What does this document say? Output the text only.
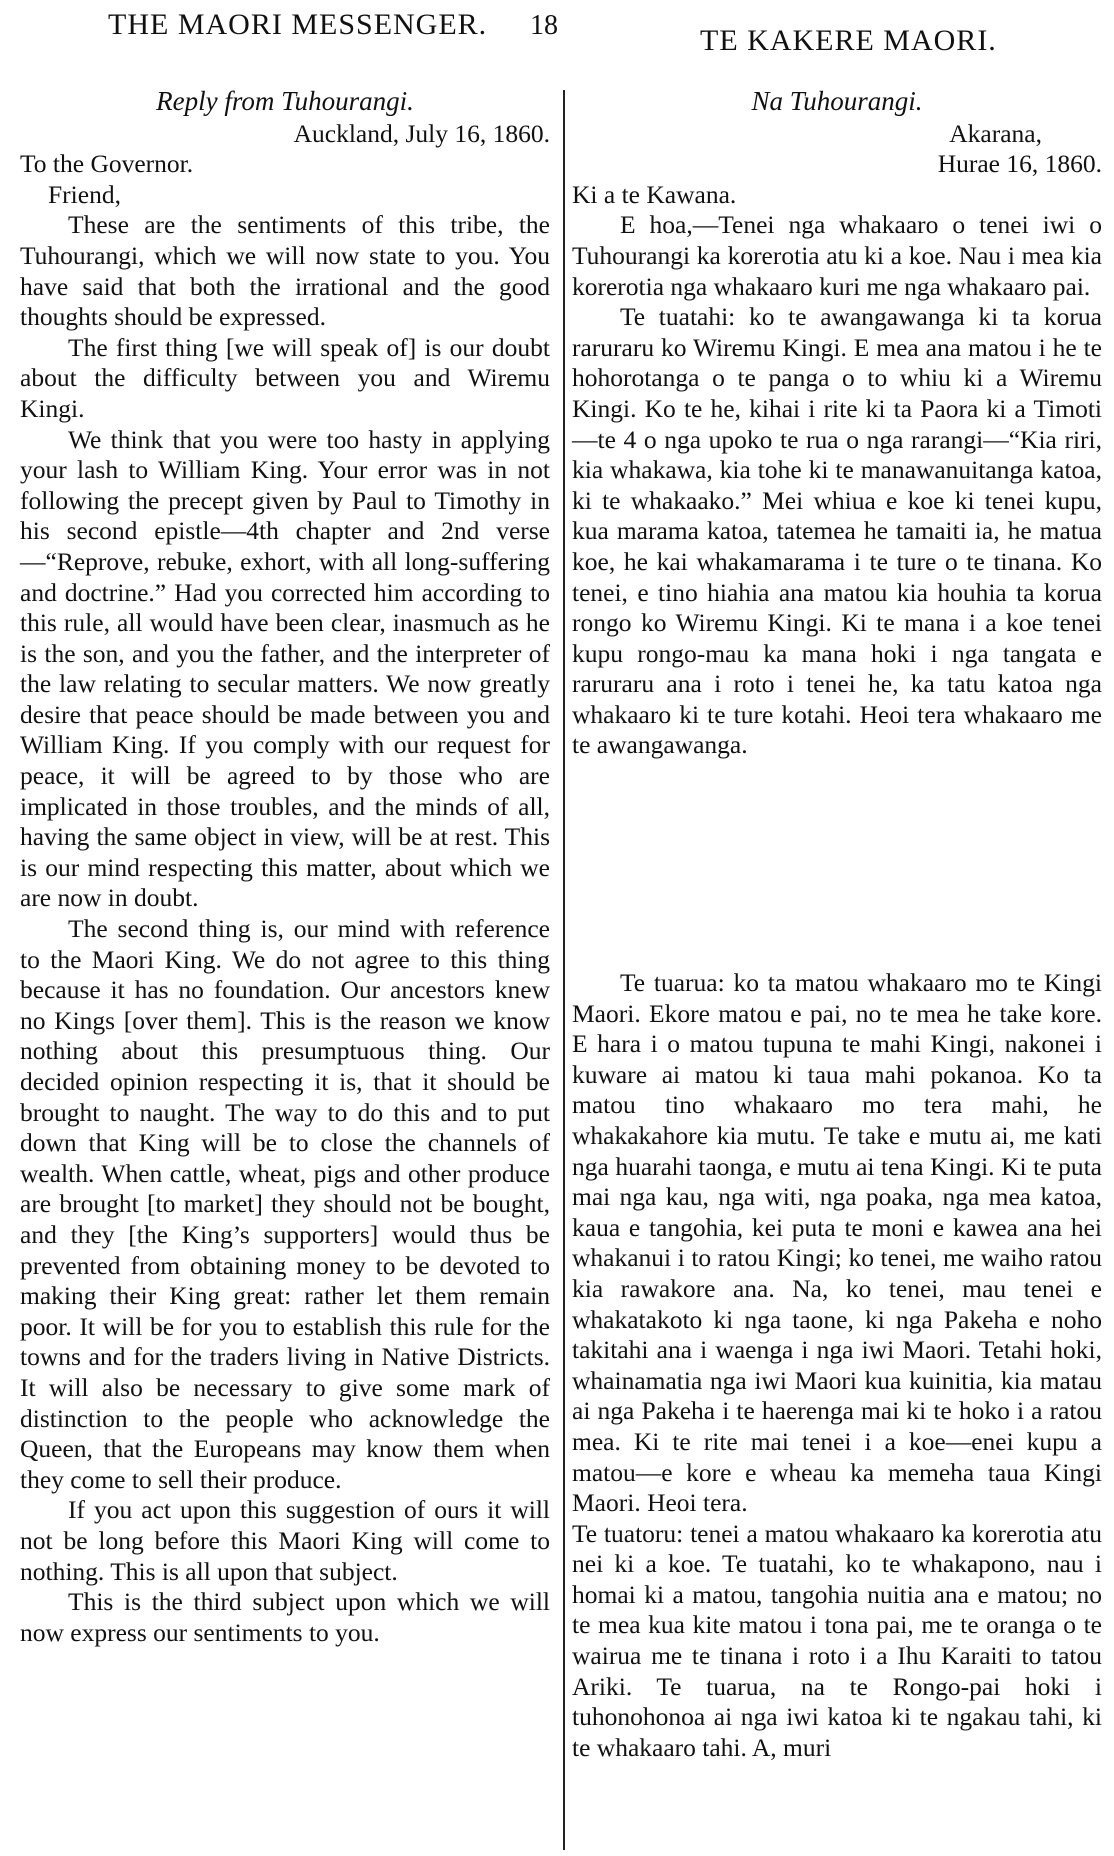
THE MAORI MESSENGER. 18	TE KAKERE MAORI.

Reply from Tuhourangi.

Auckland, July 16, 1860.

To the Governor.

Friend,

These are the sentiments of this tribe, the Tuhourangi, which we will now state to you. You have said that both the irrational and the good thoughts should be expressed.

The first thing [we will speak of] is our doubt about the difficulty between you and Wiremu Kingi.

We think that you were too hasty in applying your lash to William King. Your error was in not following the precept given by Paul to Timothy in his second epistle—4th chapter and 2nd verse—“Reprove, rebuke, exhort, with all long-suffering and doctrine.” Had you corrected him according to this rule, all would have been clear, inasmuch as he is the son, and you the father, and the interpreter of the law relating to secular matters. We now greatly desire that peace should be made between you and William King. If you comply with our request for peace, it will be agreed to by those who are implicated in those troubles, and the minds of all, having the same object in view, will be at rest. This is our mind respecting this matter, about which we are now in doubt.

The second thing is, our mind with reference to the Maori King. We do not agree to this thing because it has no foundation. Our ancestors knew no Kings [over them]. This is the reason we know nothing about this presumptuous thing. Our decided opinion respecting it is, that it should be brought to naught. The way to do this and to put down that King will be to close the channels of wealth. When cattle, wheat, pigs and other produce are brought [to market] they should not be bought, and they [the King’s supporters] would thus be prevented from obtaining money to be devoted to making their King great: rather let them remain poor. It will be for you to establish this rule for the towns and for the traders living in Native Districts. It will also be necessary to give some mark of distinction to the people who acknowledge the Queen, that the Europeans may know them when they come to sell their produce.

If you act upon this suggestion of ours it will not be long before this Maori King will come to nothing. This is all upon that subject.

This is the third subject upon which we will now express our sentiments to you.

Na Tuhourangi.

Akarana,

Hurae 16, 1860.

Ki a te Kawana.

E hoa,—Tenei nga whakaaro o tenei iwi o Tuhourangi ka korerotia atu ki a koe. Nau i mea kia korerotia nga whakaaro kuri me nga whakaaro pai.

Te tuatahi: ko te awangawanga ki ta korua raruraru ko Wiremu Kingi. E mea ana matou i he te hohorotanga o te panga o to whiu ki a Wiremu Kingi. Ko te he, kihai i rite ki ta Paora ki a Timoti—te 4 o nga upoko te rua o nga rarangi—“Kia riri, kia whakawa, kia tohe ki te manawanuitanga katoa, ki te whakaako.” Mei whiua e koe ki tenei kupu, kua marama katoa, tatemea he tamaiti ia, he matua koe, he kai whakamarama i te ture o te tinana. Ko tenei, e tino hiahia ana matou kia houhia ta korua rongo ko Wiremu Kingi. Ki te mana i a koe tenei kupu rongo-mau ka mana hoki i nga tangata e raruraru ana i roto i tenei he, ka tatu katoa nga whakaaro ki te ture kotahi. Heoi tera whakaaro me te awangawanga.

Te tuarua: ko ta matou whakaaro mo te Kingi Maori. Ekore matou e pai, no te mea he take kore. E hara i o matou tupuna te mahi Kingi, nakonei i kuware ai matou ki taua mahi pokanoa. Ko ta matou tino whakaaro mo tera mahi, he whakakahore kia mutu. Te take e mutu ai, me kati nga huarahi taonga, e mutu ai tena Kingi. Ki te puta mai nga kau, nga witi, nga poaka, nga mea katoa, kaua e tangohia, kei puta te moni e kawea ana hei whakanui i to ratou Kingi; ko tenei, me waiho ratou kia rawakore ana. Na, ko tenei, mau tenei e whakatakoto ki nga taone, ki nga Pakeha e noho takitahi ana i waenga i nga iwi Maori. Tetahi hoki, whainamatia nga iwi Maori kua kuinitia, kia matau ai nga Pakeha i te haerenga mai ki te hoko i a ratou mea. Ki te rite mai tenei i a koe—enei kupu a matou—e kore e wheau ka memeha taua Kingi Maori. Heoi tera.

Te tuatoru: tenei a matou whakaaro ka korerotia atu nei ki a koe. Te tuatahi, ko te whakapono, nau i homai ki a matou, tangohia nuitia ana e matou; no te mea kua kite matou i tona pai, me te oranga o te wairua me te tinana i roto i a Ihu Karaiti to tatou Ariki. Te tuarua, na te Rongo-pai hoki i tuhonohonoa ai nga iwi katoa ki te ngakau tahi, ki te whakaaro tahi. A, muri
